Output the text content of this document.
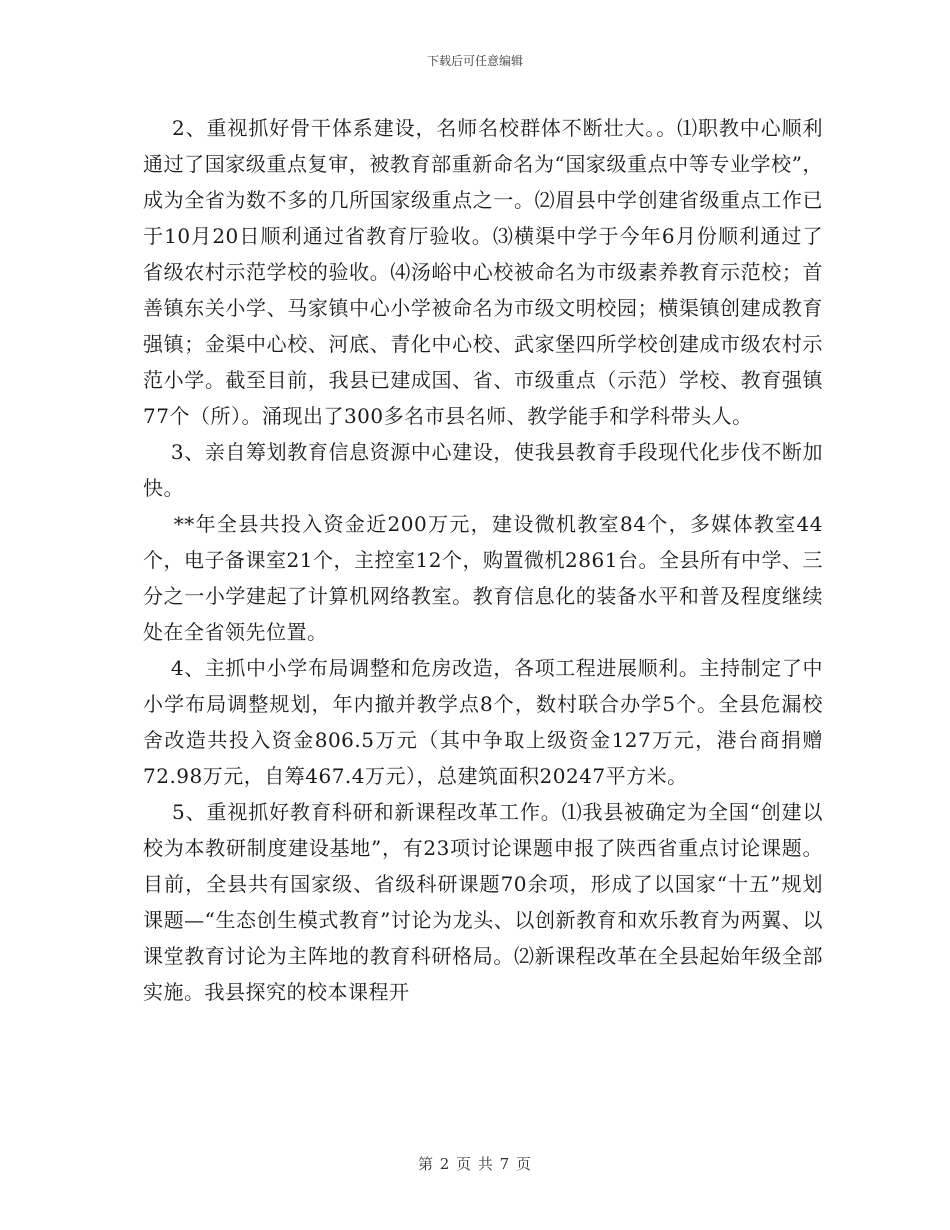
下载后可任意编辑

2、重视抓好骨干体系建设，名师名校群体不断壮大。。⑴职教中心顺利通过了国家级重点复审，被教育部重新命名为“国家级重点中等专业学校”，成为全省为数不多的几所国家级重点之一。⑵眉县中学创建省级重点工作已于10月20日顺利通过省教育厅验收。⑶横渠中学于今年6月份顺利通过了省级农村示范学校的验收。⑷汤峪中心校被命名为市级素养教育示范校；首善镇东关小学、马家镇中心小学被命名为市级文明校园；横渠镇创建成教育强镇；金渠中心校、河底、青化中心校、武家堡四所学校创建成市级农村示范小学。截至目前，我县已建成国、省、市级重点（示范）学校、教育强镇77个（所）。涌现出了300多名市县名师、教学能手和学科带头人。

3、亲自筹划教育信息资源中心建设，使我县教育手段现代化步伐不断加快。

**年全县共投入资金近200万元，建设微机教室84个，多媒体教室44个，电子备课室21个，主控室12个，购置微机2861台。全县所有中学、三分之一小学建起了计算机网络教室。教育信息化的装备水平和普及程度继续处在全省领先位置。

4、主抓中小学布局调整和危房改造，各项工程进展顺利。主持制定了中小学布局调整规划，年内撤并教学点8个，数村联合办学5个。全县危漏校舍改造共投入资金806.5万元（其中争取上级资金127万元，港台商捐赠72.98万元，自筹467.4万元），总建筑面积20247平方米。

5、重视抓好教育科研和新课程改革工作。⑴我县被确定为全国“创建以校为本教研制度建设基地”，有23项讨论课题申报了陕西省重点讨论课题。目前，全县共有国家级、省级科研课题70余项，形成了以国家“十五”规划课题—“生态创生模式教育”讨论为龙头、以创新教育和欢乐教育为两翼、以课堂教育讨论为主阵地的教育科研格局。⑵新课程改革在全县起始年级全部实施。我县探究的校本课程开

第 2 页 共 7 页
